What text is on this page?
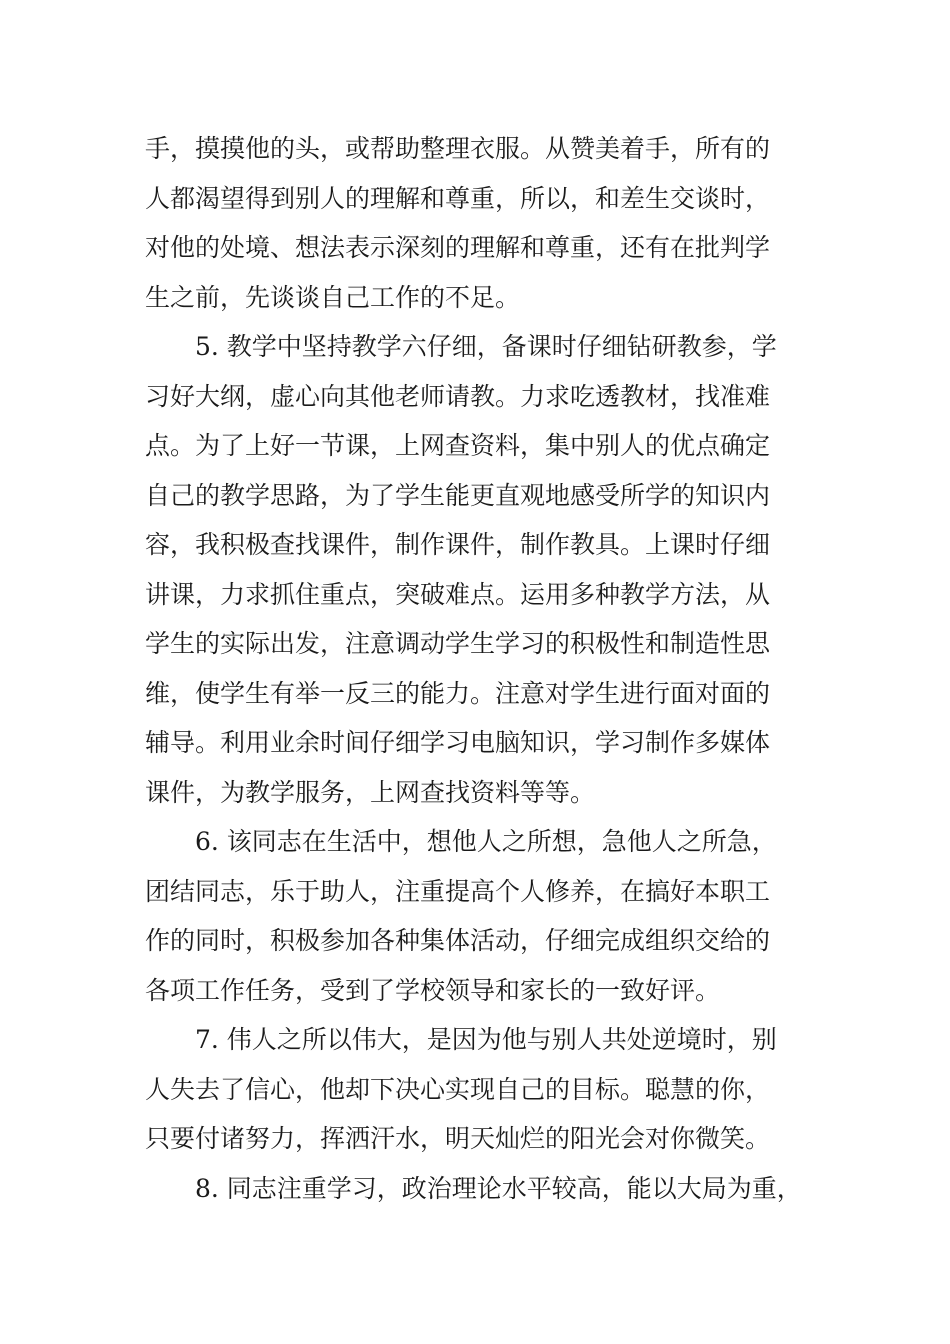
手，摸摸他的头，或帮助整理衣服。从赞美着手，所有的
人都渴望得到别人的理解和尊重，所以，和差生交谈时，
对他的处境、想法表示深刻的理解和尊重，还有在批判学
生之前，先谈谈自己工作的不足。
5. 教学中坚持教学六仔细，备课时仔细钻研教参，学
习好大纲，虚心向其他老师请教。力求吃透教材，找准难
点。为了上好一节课，上网查资料，集中别人的优点确定
自己的教学思路，为了学生能更直观地感受所学的知识内
容，我积极查找课件，制作课件，制作教具。上课时仔细
讲课，力求抓住重点，突破难点。运用多种教学方法，从
学生的实际出发，注意调动学生学习的积极性和制造性思
维，使学生有举一反三的能力。注意对学生进行面对面的
辅导。利用业余时间仔细学习电脑知识，学习制作多媒体
课件，为教学服务，上网查找资料等等。
6. 该同志在生活中，想他人之所想，急他人之所急，
团结同志，乐于助人，注重提高个人修养，在搞好本职工
作的同时，积极参加各种集体活动，仔细完成组织交给的
各项工作任务，受到了学校领导和家长的一致好评。
7. 伟人之所以伟大，是因为他与别人共处逆境时，别
人失去了信心，他却下决心实现自己的目标。聪慧的你，
只要付诸努力，挥洒汗水，明天灿烂的阳光会对你微笑。
8. 同志注重学习，政治理论水平较高，能以大局为重，
